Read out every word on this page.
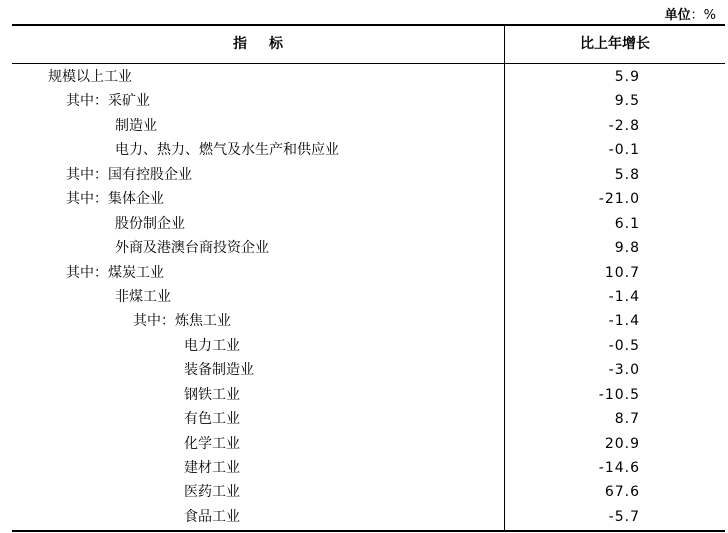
单位：%
指 标	比上年增长
规模以上工业	5.9
其中：采矿业	9.5
制造业	-2.8
电力、热力、燃气及水生产和供应业	-0.1
其中：国有控股企业	5.8
其中：集体企业	-21.0
股份制企业	6.1
外商及港澳台商投资企业	9.8
其中：煤炭工业	10.7
非煤工业	-1.4
其中：炼焦工业	-1.4
电力工业	-0.5
装备制造业	-3.0
钢铁工业	-10.5
有色工业	8.7
化学工业	20.9
建材工业	-14.6
医药工业	67.6
食品工业	-5.7
